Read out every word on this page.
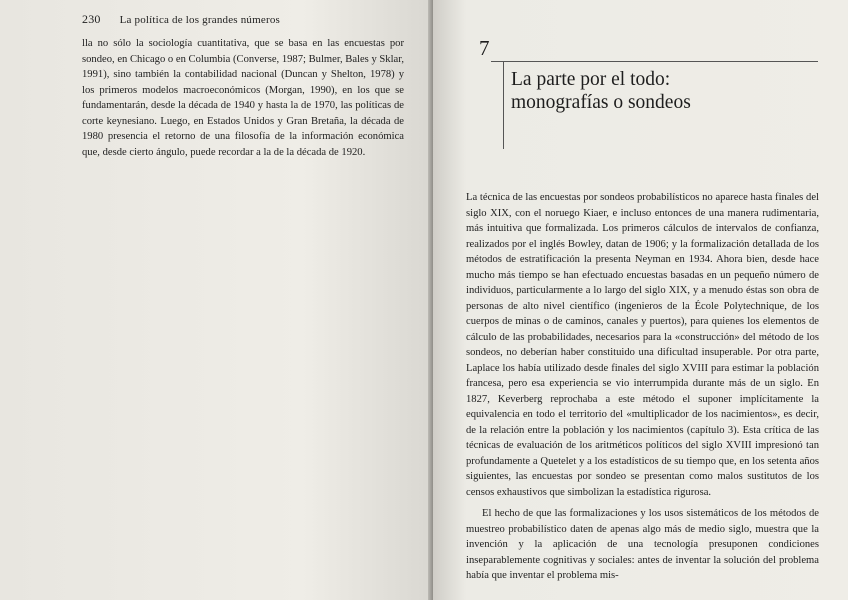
230 La política de los grandes números

lla no sólo la sociología cuantitativa, que se basa en las encuestas por sondeo, en Chicago o en Columbia (Converse, 1987; Bulmer, Bales y Sklar, 1991), sino también la contabilidad nacional (Duncan y Shelton, 1978) y los primeros modelos macroeconómicos (Morgan, 1990), en los que se fundamentarán, desde la década de 1940 y hasta la de 1970, las políticas de corte keynesiano. Luego, en Estados Unidos y Gran Bretaña, la década de 1980 presencia el retorno de una filosofía de la información económica que, desde cierto ángulo, puede recordar a la de la década de 1920.

7
La parte por el todo:
monografías o sondeos

La técnica de las encuestas por sondeos probabilísticos no aparece hasta finales del siglo XIX, con el noruego Kiaer, e incluso entonces de una manera rudimentaria, más intuitiva que formalizada. Los primeros cálculos de intervalos de confianza, realizados por el inglés Bowley, datan de 1906; y la formalización detallada de los métodos de estratificación la presenta Neyman en 1934. Ahora bien, desde hace mucho más tiempo se han efectuado encuestas basadas en un pequeño número de individuos, particularmente a lo largo del siglo XIX, y a menudo éstas son obra de personas de alto nivel científico (ingenieros de la École Polytechnique, de los cuerpos de minas o de caminos, canales y puertos), para quienes los elementos de cálculo de las probabilidades, necesarios para la «construcción» del método de los sondeos, no deberían haber constituido una dificultad insuperable. Por otra parte, Laplace los había utilizado desde finales del siglo XVIII para estimar la población francesa, pero esa experiencia se vio interrumpida durante más de un siglo. En 1827, Keverberg reprochaba a este método el suponer implícitamente la equivalencia en todo el territorio del «multiplicador de los nacimientos», es decir, de la relación entre la población y los nacimientos (capítulo 3). Esta crítica de las técnicas de evaluación de los aritméticos políticos del siglo XVIII impresionó tan profundamente a Quetelet y a los estadísticos de su tiempo que, en los setenta años siguientes, las encuestas por sondeo se presentan como malos sustitutos de los censos exhaustivos que simbolizan la estadística rigurosa.

El hecho de que las formalizaciones y los usos sistemáticos de los métodos de muestreo probabilístico daten de apenas algo más de medio siglo, muestra que la invención y la aplicación de una tecnología presuponen condiciones inseparablemente cognitivas y sociales: antes de inventar la solución del problema había que inventar el problema mis-
